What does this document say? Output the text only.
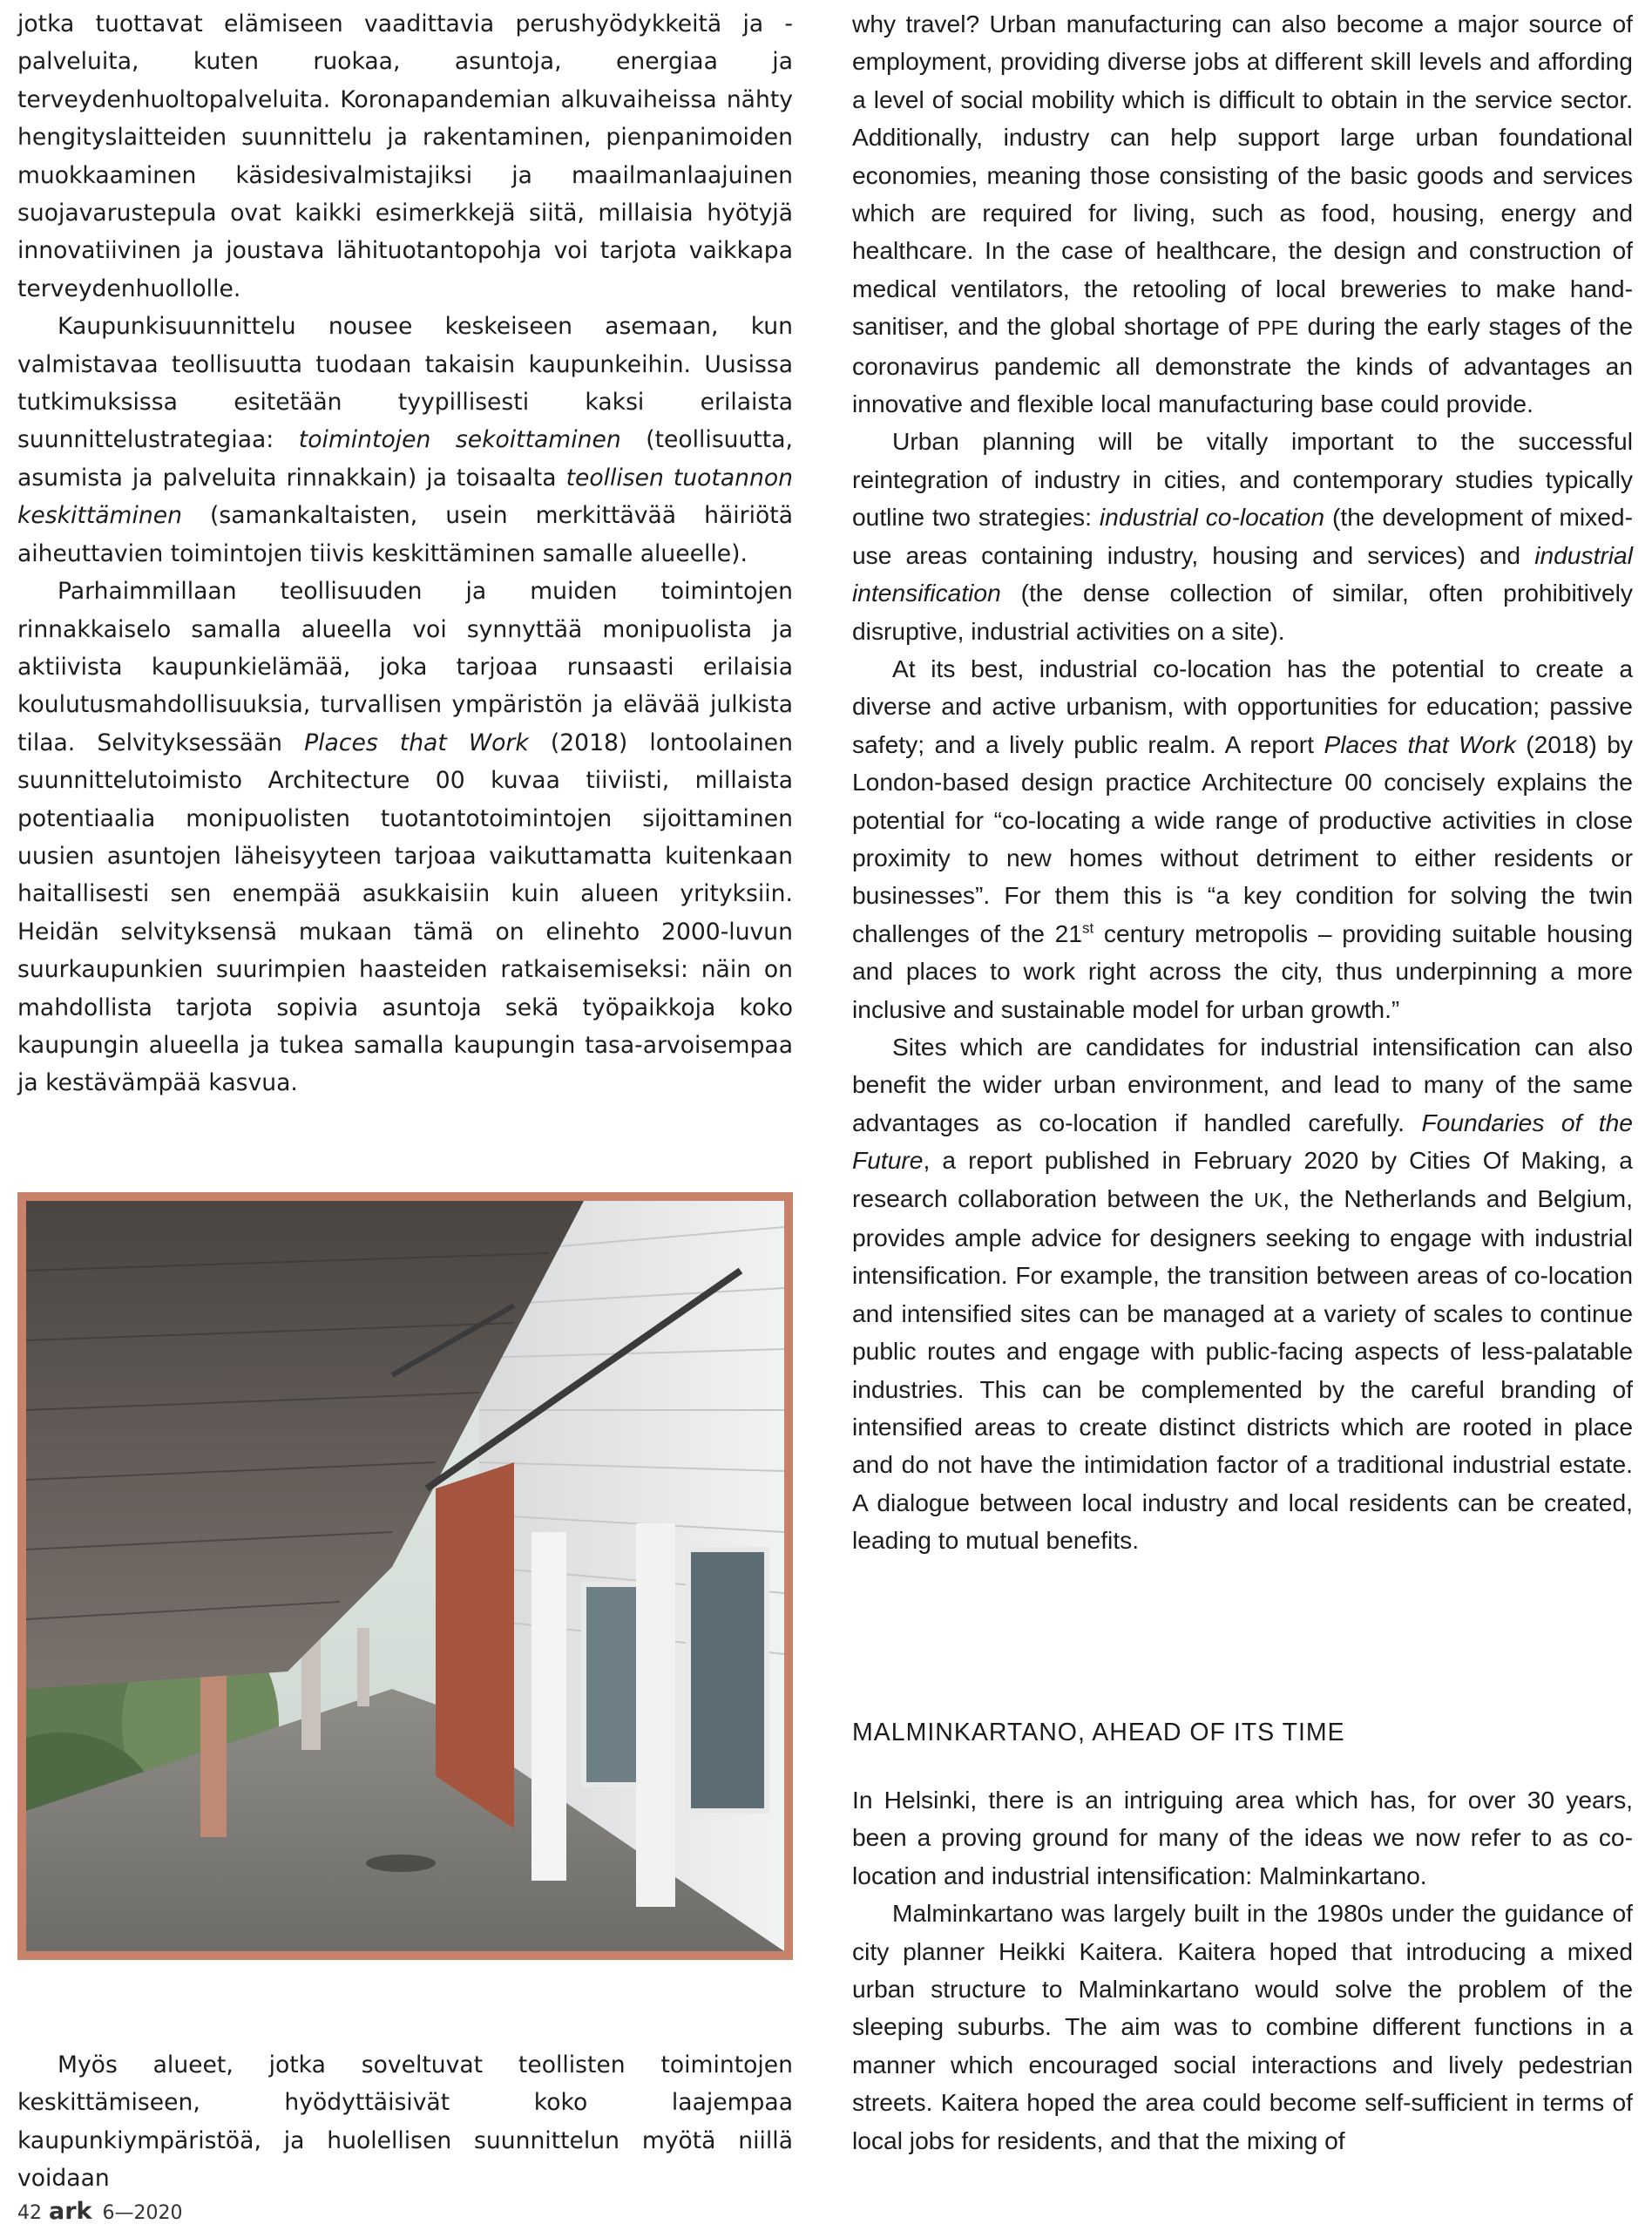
jotka tuottavat elämiseen vaadittavia perushyödykkeitä ja -palveluita, kuten ruokaa, asuntoja, energiaa ja terveydenhuoltopalveluita. Koronapandemian alkuvaiheissa nähty hengityslaitteiden suunnittelu ja rakentaminen, pienpanimoiden muokkaaminen käsidesivalmistajiksi ja maailmanlaajuinen suojavarustepula ovat kaikki esimerkkejä siitä, millaisia hyötyjä innovatiivinen ja joustava lähituotantopohja voi tarjota vaikkapa terveydenhuollolle.

Kaupunkisuunnittelu nousee keskeiseen asemaan, kun valmistavaa teollisuutta tuodaan takaisin kaupunkeihin. Uusissa tutkimuksissa esitetään tyypillisesti kaksi erilaista suunnittelustrategiaa: toimintojen sekoittaminen (teollisuutta, asumista ja palveluita rinnakkain) ja toisaalta teollisen tuotannon keskittäminen (samankaltaisten, usein merkittävää häiriötä aiheuttavien toimintojen tiivis keskittäminen samalle alueelle).

Parhaimmillaan teollisuuden ja muiden toimintojen rinnakkaiselo samalla alueella voi synnyttää monipuolista ja aktiivista kaupunkielämää, joka tarjoaa runsaasti erilaisia koulutusmahdollisuuksia, turvallisen ympäristön ja elävää julkista tilaa. Selvityksessään Places that Work (2018) lontoolainen suunnittelutoimisto Architecture 00 kuvaa tiiviisti, millaista potentiaalia monipuolisten tuotantotoimintojen sijoittaminen uusien asuntojen läheisyyteen tarjoaa vaikuttamatta kuitenkaan haitallisesti sen enempää asukkaisiin kuin alueen yrityksiin. Heidän selvityksensä mukaan tämä on elinehto 2000-luvun suurkaupunkien suurimpien haasteiden ratkaisemiseksi: näin on mahdollista tarjota sopivia asuntoja sekä työpaikkoja koko kaupungin alueella ja tukea samalla kaupungin tasa-arvoisempaa ja kestävämpää kasvua.

Myös alueet, jotka soveltuvat teollisten toimintojen keskittämiseen, hyödyttäisivät koko laajempaa kaupunkiympäristöä, ja huolellisen suunnittelun myötä niillä voidaan

why travel? Urban manufacturing can also become a major source of employment, providing diverse jobs at different skill levels and affording a level of social mobility which is difficult to obtain in the service sector. Additionally, industry can help support large urban foundational economies, meaning those consisting of the basic goods and services which are required for living, such as food, housing, energy and healthcare. In the case of healthcare, the design and construction of medical ventilators, the retooling of local breweries to make hand-sanitiser, and the global shortage of PPE during the early stages of the coronavirus pandemic all demonstrate the kinds of advantages an innovative and flexible local manufacturing base could provide.

Urban planning will be vitally important to the successful reintegration of industry in cities, and contemporary studies typically outline two strategies: industrial co-location (the development of mixed-use areas containing industry, housing and services) and industrial intensification (the dense collection of similar, often prohibitively disruptive, industrial activities on a site).

At its best, industrial co-location has the potential to create a diverse and active urbanism, with opportunities for education; passive safety; and a lively public realm. A report Places that Work (2018) by London-based design practice Architecture 00 concisely explains the potential for “co-locating a wide range of productive activities in close proximity to new homes without detriment to either residents or businesses”. For them this is “a key condition for solving the twin challenges of the 21st century metropolis – providing suitable housing and places to work right across the city, thus underpinning a more inclusive and sustainable model for urban growth.”

Sites which are candidates for industrial intensification can also benefit the wider urban environment, and lead to many of the same advantages as co-location if handled carefully. Foundaries of the Future, a report published in February 2020 by Cities Of Making, a research collaboration between the UK, the Netherlands and Belgium, provides ample advice for designers seeking to engage with industrial intensification. For example, the transition between areas of co-location and intensified sites can be managed at a variety of scales to continue public routes and engage with public-facing aspects of less-palatable industries. This can be complemented by the careful branding of intensified areas to create distinct districts which are rooted in place and do not have the intimidation factor of a traditional industrial estate. A dialogue between local industry and local residents can be created, leading to mutual benefits.

MALMINKARTANO, AHEAD OF ITS TIME

In Helsinki, there is an intriguing area which has, for over 30 years, been a proving ground for many of the ideas we now refer to as co-location and industrial intensification: Malminkartano.

Malminkartano was largely built in the 1980s under the guidance of city planner Heikki Kaitera. Kaitera hoped that introducing a mixed urban structure to Malminkartano would solve the problem of the sleeping suburbs. The aim was to combine different functions in a manner which encouraged social interactions and lively pedestrian streets. Kaitera hoped the area could become self-sufficient in terms of local jobs for residents, and that the mixing of

42 ark 6—2020
